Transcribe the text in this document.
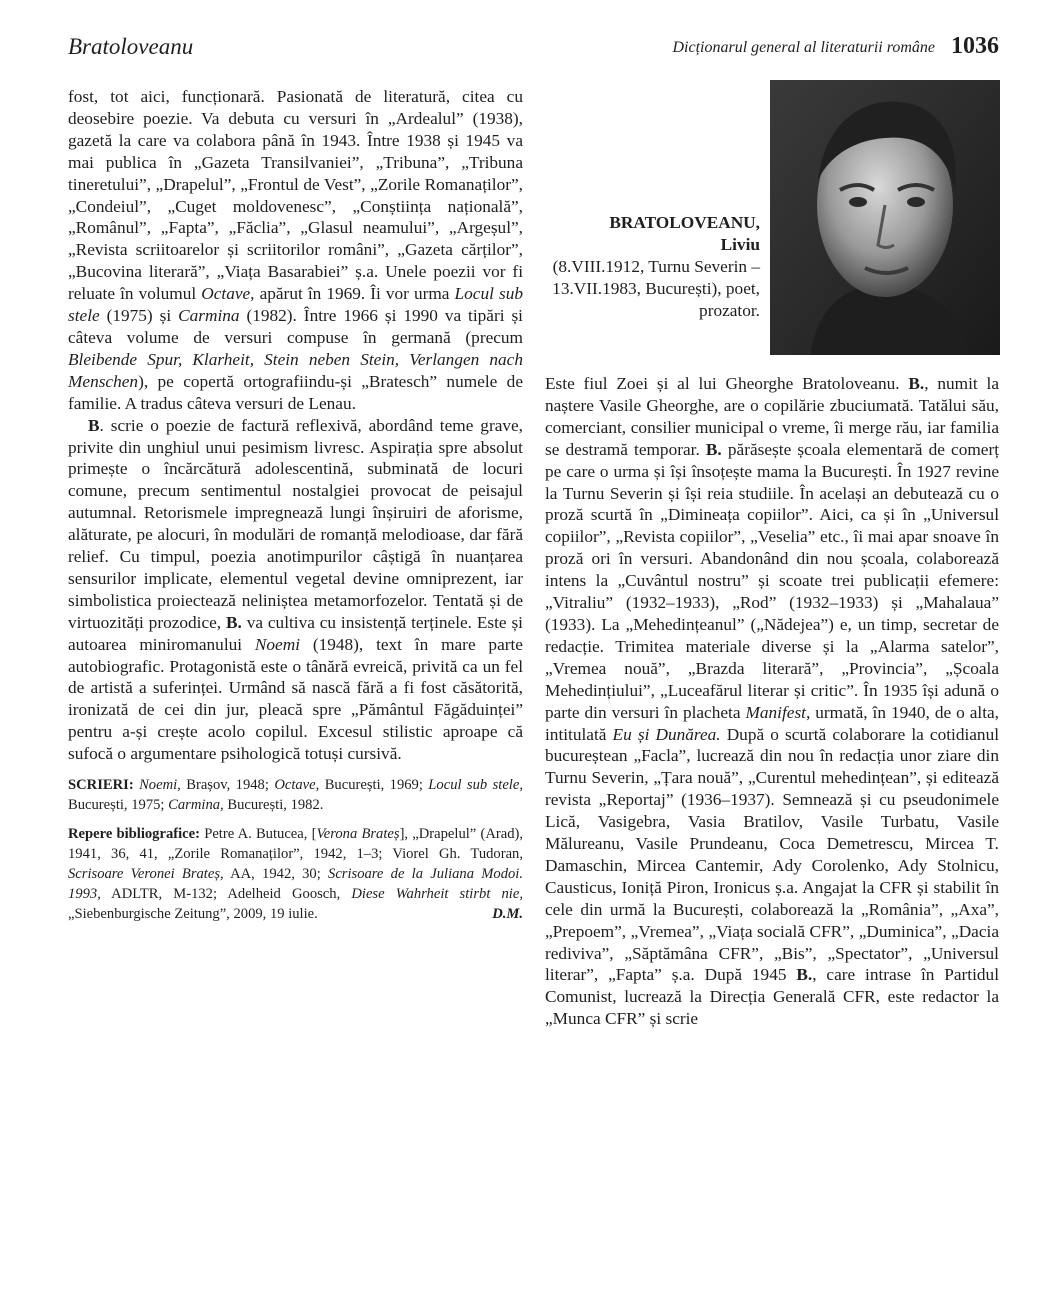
Bratoloveanu	Dicționarul general al literaturii române 1036

fost, tot aici, funcționară. Pasionată de literatură, citea cu deosebire poezie. Va debuta cu versuri în „Ardealul” (1938), gazetă la care va colabora până în 1943. Între 1938 și 1945 va mai publica în „Gazeta Transilvaniei”, „Tribuna”, „Tribuna tineretului”, „Drapelul”, „Frontul de Vest”, „Zorile Romanaților”, „Condeiul”, „Cuget moldovenesc”, „Conștiința națională”, „Românul”, „Fapta”, „Făclia”, „Glasul neamului”, „Argeșul”, „Revista scriitoarelor și scriitorilor români”, „Gazeta cărților”, „Bucovina literară”, „Viața Basarabiei” ș.a. Unele poezii vor fi reluate în volumul Octave, apărut în 1969. Îi vor urma Locul sub stele (1975) și Carmina (1982). Între 1966 și 1990 va tipări și câteva volume de versuri compuse în germană (precum Bleibende Spur, Klarheit, Stein neben Stein, Verlangen nach Menschen), pe copertă ortografiindu-și „Bratesch” numele de familie. A tradus câteva versuri de Lenau.

B. scrie o poezie de factură reflexivă, abordând teme grave, privite din unghiul unui pesimism livresc. Aspirația spre absolut primește o încărcătură adolescentină, subminată de locuri comune, precum sentimentul nostalgiei provocat de peisajul autumnal. Retorismele impregnează lungi înșiruiri de aforisme, alăturate, pe alocuri, în modulări de romanță melodioase, dar fără relief. Cu timpul, poezia anotimpurilor câștigă în nuanțarea sensurilor implicate, elementul vegetal devine omniprezent, iar simbolistica proiectează neliniștea metamorfozelor. Tentată și de virtuozități prozodice, B. va cultiva cu insistență terținele. Este și autoarea miniromanului Noemi (1948), text în mare parte autobiografic. Protagonistă este o tânără evreică, privită ca un fel de artistă a suferinței. Urmând să nască fără a fi fost căsătorită, ironizată de cei din jur, pleacă spre „Pământul Făgăduinței” pentru a-și crește acolo copilul. Excesul stilistic aproape că sufocă o argumentare psihologică totuși cursivă.

SCRIERI: Noemi, Brașov, 1948; Octave, București, 1969; Locul sub stele, București, 1975; Carmina, București, 1982.

Repere bibliografice: Petre A. Butucea, [Verona Brateș], „Drapelul” (Arad), 1941, 36, 41, „Zorile Romanaților”, 1942, 1–3; Viorel Gh. Tudoran, Scrisoare Veronei Brateș, AA, 1942, 30; Scrisoare de la Juliana Modoi. 1993, ADLTR, M-132; Adelheid Goosch, Diese Wahrheit stirbt nie, „Siebenburgische Zeitung”, 2009, 19 iulie.	D.M.

BRATOLOVEANU,
Liviu
(8.VIII.1912, Turnu Severin – 13.VII.1983, București), poet, prozator.

Este fiul Zoei și al lui Gheorghe Bratoloveanu. B., numit la naștere Vasile Gheorghe, are o copilărie zbuciumată. Tatălui său, comerciant, consilier municipal o vreme, îi merge rău, iar familia se destramă temporar. B. părăsește școala elementară de comerț pe care o urma și își însoțește mama la București. În 1927 revine la Turnu Severin și își reia studiile. În același an debutează cu o proză scurtă în „Dimineața copiilor”. Aici, ca și în „Universul copiilor”, „Revista copiilor”, „Veselia” etc., îi mai apar snoave în proză ori în versuri. Abandonând din nou școala, colaborează intens la „Cuvântul nostru” și scoate trei publicații efemere: „Vitraliu” (1932–1933), „Rod” (1932–1933) și „Mahalaua” (1933). La „Mehedințeanul” („Nădejea”) e, un timp, secretar de redacție. Trimitea materiale diverse și la „Alarma satelor”, „Vremea nouă”, „Brazda literară”, „Provincia”, „Școala Mehedințiului”, „Luceafărul literar și critic”. În 1935 își adună o parte din versuri în placheta Manifest, urmată, în 1940, de o alta, intitulată Eu și Dunărea. După o scurtă colaborare la cotidianul bucureștean „Facla”, lucrează din nou în redacția unor ziare din Turnu Severin, „Țara nouă”, „Curentul mehedințean”, și editează revista „Reportaj” (1936–1937). Semnează și cu pseudonimele Lică, Vasigebra, Vasia Bratilov, Vasile Turbatu, Vasile Mălureanu, Vasile Prundeanu, Coca Demetrescu, Mircea T. Damaschin, Mircea Cantemir, Ady Corolenko, Ady Stolnicu, Causticus, Ioniță Piron, Ironicus ș.a. Angajat la CFR și stabilit în cele din urmă la București, colaborează la „România”, „Axa”, „Prepoem”, „Vremea”, „Viața socială CFR”, „Duminica”, „Dacia rediviva”, „Săptămâna CFR”, „Bis”, „Spectator”, „Universul literar”, „Fapta” ș.a. După 1945 B., care intrase în Partidul Comunist, lucrează la Direcția Generală CFR, este redactor la „Munca CFR” și scrie
